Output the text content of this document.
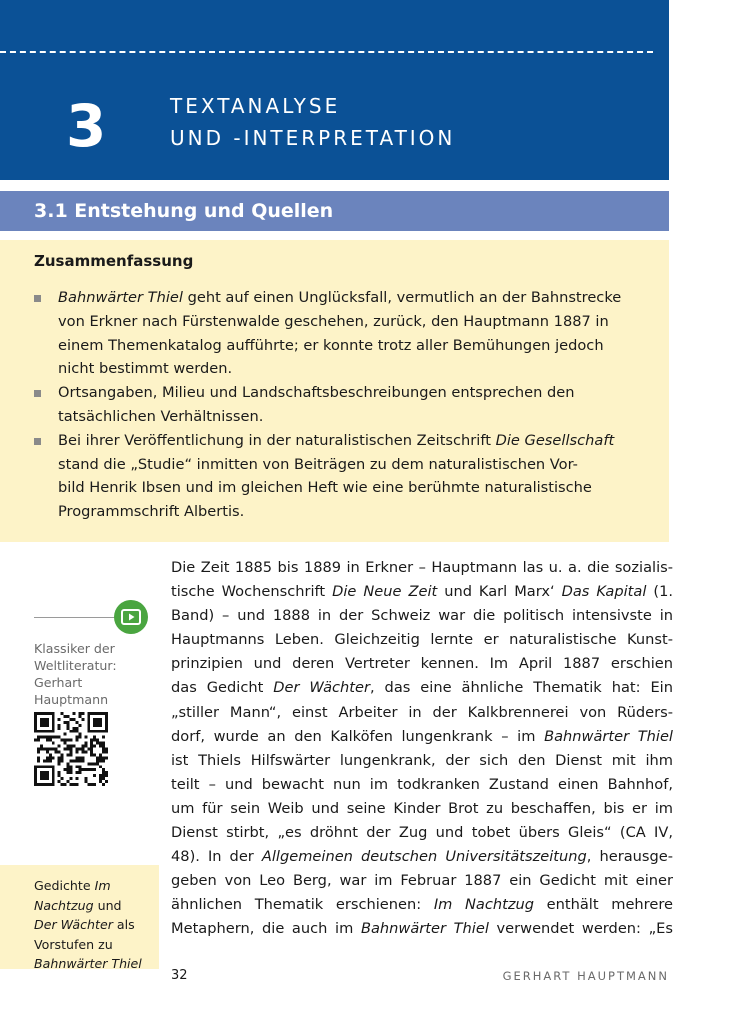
3	TEXTANALYSE
UND -INTERPRETATION
3.1 Entstehung und Quellen
Zusammenfassung
Bahnwärter Thiel geht auf einen Unglücksfall, vermutlich an der Bahnstrecke
von Erkner nach Fürstenwalde geschehen, zurück, den Hauptmann 1887 in
einem Themenkatalog aufführte; er konnte trotz aller Bemühungen jedoch
nicht bestimmt werden.
Ortsangaben, Milieu und Landschaftsbeschreibungen entsprechen den
tatsächlichen Verhältnissen.
Bei ihrer Veröffentlichung in der naturalistischen Zeitschrift Die Gesellschaft
stand die „Studie“ inmitten von Beiträgen zu dem naturalistischen Vor-
bild Henrik Ibsen und im gleichen Heft wie eine berühmte naturalistische
Programmschrift Albertis.
Klassiker der
Weltliteratur:
Gerhart
Hauptmann
Gedichte Im
Nachtzug und
Der Wächter als
Vorstufen zu
Bahnwärter Thiel
Die Zeit 1885 bis 1889 in Erkner – Hauptmann las u. a. die sozialis-
tische Wochenschrift Die Neue Zeit und Karl Marx‘ Das Kapital (1.
Band) – und 1888 in der Schweiz war die politisch intensivste in
Hauptmanns Leben. Gleichzeitig lernte er naturalistische Kunst-
prinzipien und deren Vertreter kennen. Im April 1887 erschien
das Gedicht Der Wächter, das eine ähnliche Thematik hat: Ein
„stiller Mann“, einst Arbeiter in der Kalkbrennerei von Rüders-
dorf, wurde an den Kalköfen lungenkrank – im Bahnwärter Thiel
ist Thiels Hilfswärter lungenkrank, der sich den Dienst mit ihm
teilt – und bewacht nun im todkranken Zustand einen Bahnhof,
um für sein Weib und seine Kinder Brot zu beschaffen, bis er im
Dienst stirbt, „es dröhnt der Zug und tobet übers Gleis“ (CA IV,
48). In der Allgemeinen deutschen Universitätszeitung, herausge-
geben von Leo Berg, war im Februar 1887 ein Gedicht mit einer
ähnlichen Thematik erschienen: Im Nachtzug enthält mehrere
Metaphern, die auch im Bahnwärter Thiel verwendet werden: „Es
32	GERHART HAUPTMANN
